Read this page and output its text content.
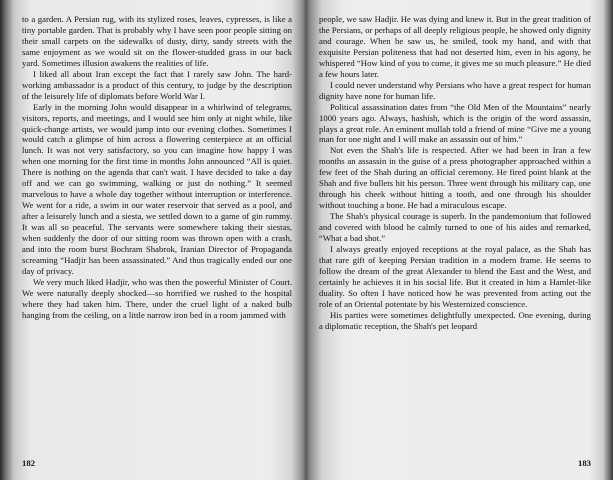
to a garden. A Persian rug, with its stylized roses, leaves, cypresses, is like a tiny portable garden. That is probably why I have seen poor people sitting on their small carpets on the sidewalks of dusty, dirty, sandy streets with the same enjoyment as we would sit on the flower-studded grass in our back yard. Sometimes illusion awakens the realities of life.

I liked all about Iran except the fact that I rarely saw John. The hard-working ambassador is a product of this century, to judge by the description of the leisurely life of diplomats before World War I.

Early in the morning John would disappear in a whirlwind of telegrams, visitors, reports, and meetings, and I would see him only at night while, like quick-change artists, we would jump into our evening clothes. Sometimes I would catch a glimpse of him across a flowering centerpiece at an official lunch. It was not very satisfactory, so you can imagine how happy I was when one morning for the first time in months John announced “All is quiet. There is nothing on the agenda that can't wait. I have decided to take a day off and we can go swimming, walking or just do nothing.” It seemed marvelous to have a whole day together without interruption or interference. We went for a ride, a swim in our water reservoir that served as a pool, and after a leisurely lunch and a siesta, we settled down to a game of gin rummy. It was all so peaceful. The servants were somewhere taking their siestas, when suddenly the door of our sitting room was thrown open with a crash, and into the room burst Bochram Shabrok, Iranian Director of Propaganda screaming “Hadjir has been assassinated.” And thus tragically ended our one day of privacy.

We very much liked Hadjir, who was then the powerful Minister of Court. We were naturally deeply shocked—so horrified we rushed to the hospital where they had taken him. There, under the cruel light of a naked bulb hanging from the ceiling, on a little narrow iron bed in a room jammed with

182

people, we saw Hadjir. He was dying and knew it. But in the great tradition of the Persians, or perhaps of all deeply religious people, he showed only dignity and courage. When he saw us, he smiled, took my hand, and with that exquisite Persian politeness that had not deserted him, even in his agony, he whispered “How kind of you to come, it gives me so much pleasure.” He died a few hours later.

I could never understand why Persians who have a great respect for human dignity have none for human life.

Political assassination dates from “the Old Men of the Mountains” nearly 1000 years ago. Always, hashish, which is the origin of the word assassin, plays a great role. An eminent mullah told a friend of mine “Give me a young man for one night and I will make an assassin out of him.”

Not even the Shah's life is respected. After we had been in Iran a few months an assassin in the guise of a press photographer approached within a few feet of the Shah during an official ceremony. He fired point blank at the Shah and five bullets hit his person. Three went through his military cap, one through his cheek without hitting a tooth, and one through his shoulder without touching a bone. He had a miraculous escape.

The Shah's physical courage is superb. In the pandemonium that followed and covered with blood he calmly turned to one of his aides and remarked, “What a bad shot.”

I always greatly enjoyed receptions at the royal palace, as the Shah has that rare gift of keeping Persian tradition in a modern frame. He seems to follow the dream of the great Alexander to blend the East and the West, and certainly he achieves it in his social life. But it created in him a Hamlet-like duality. So often I have noticed how he was prevented from acting out the role of an Oriental potentate by his Westernized conscience.

His parties were sometimes delightfully unexpected. One evening, during a diplomatic reception, the Shah's pet leopard

183
